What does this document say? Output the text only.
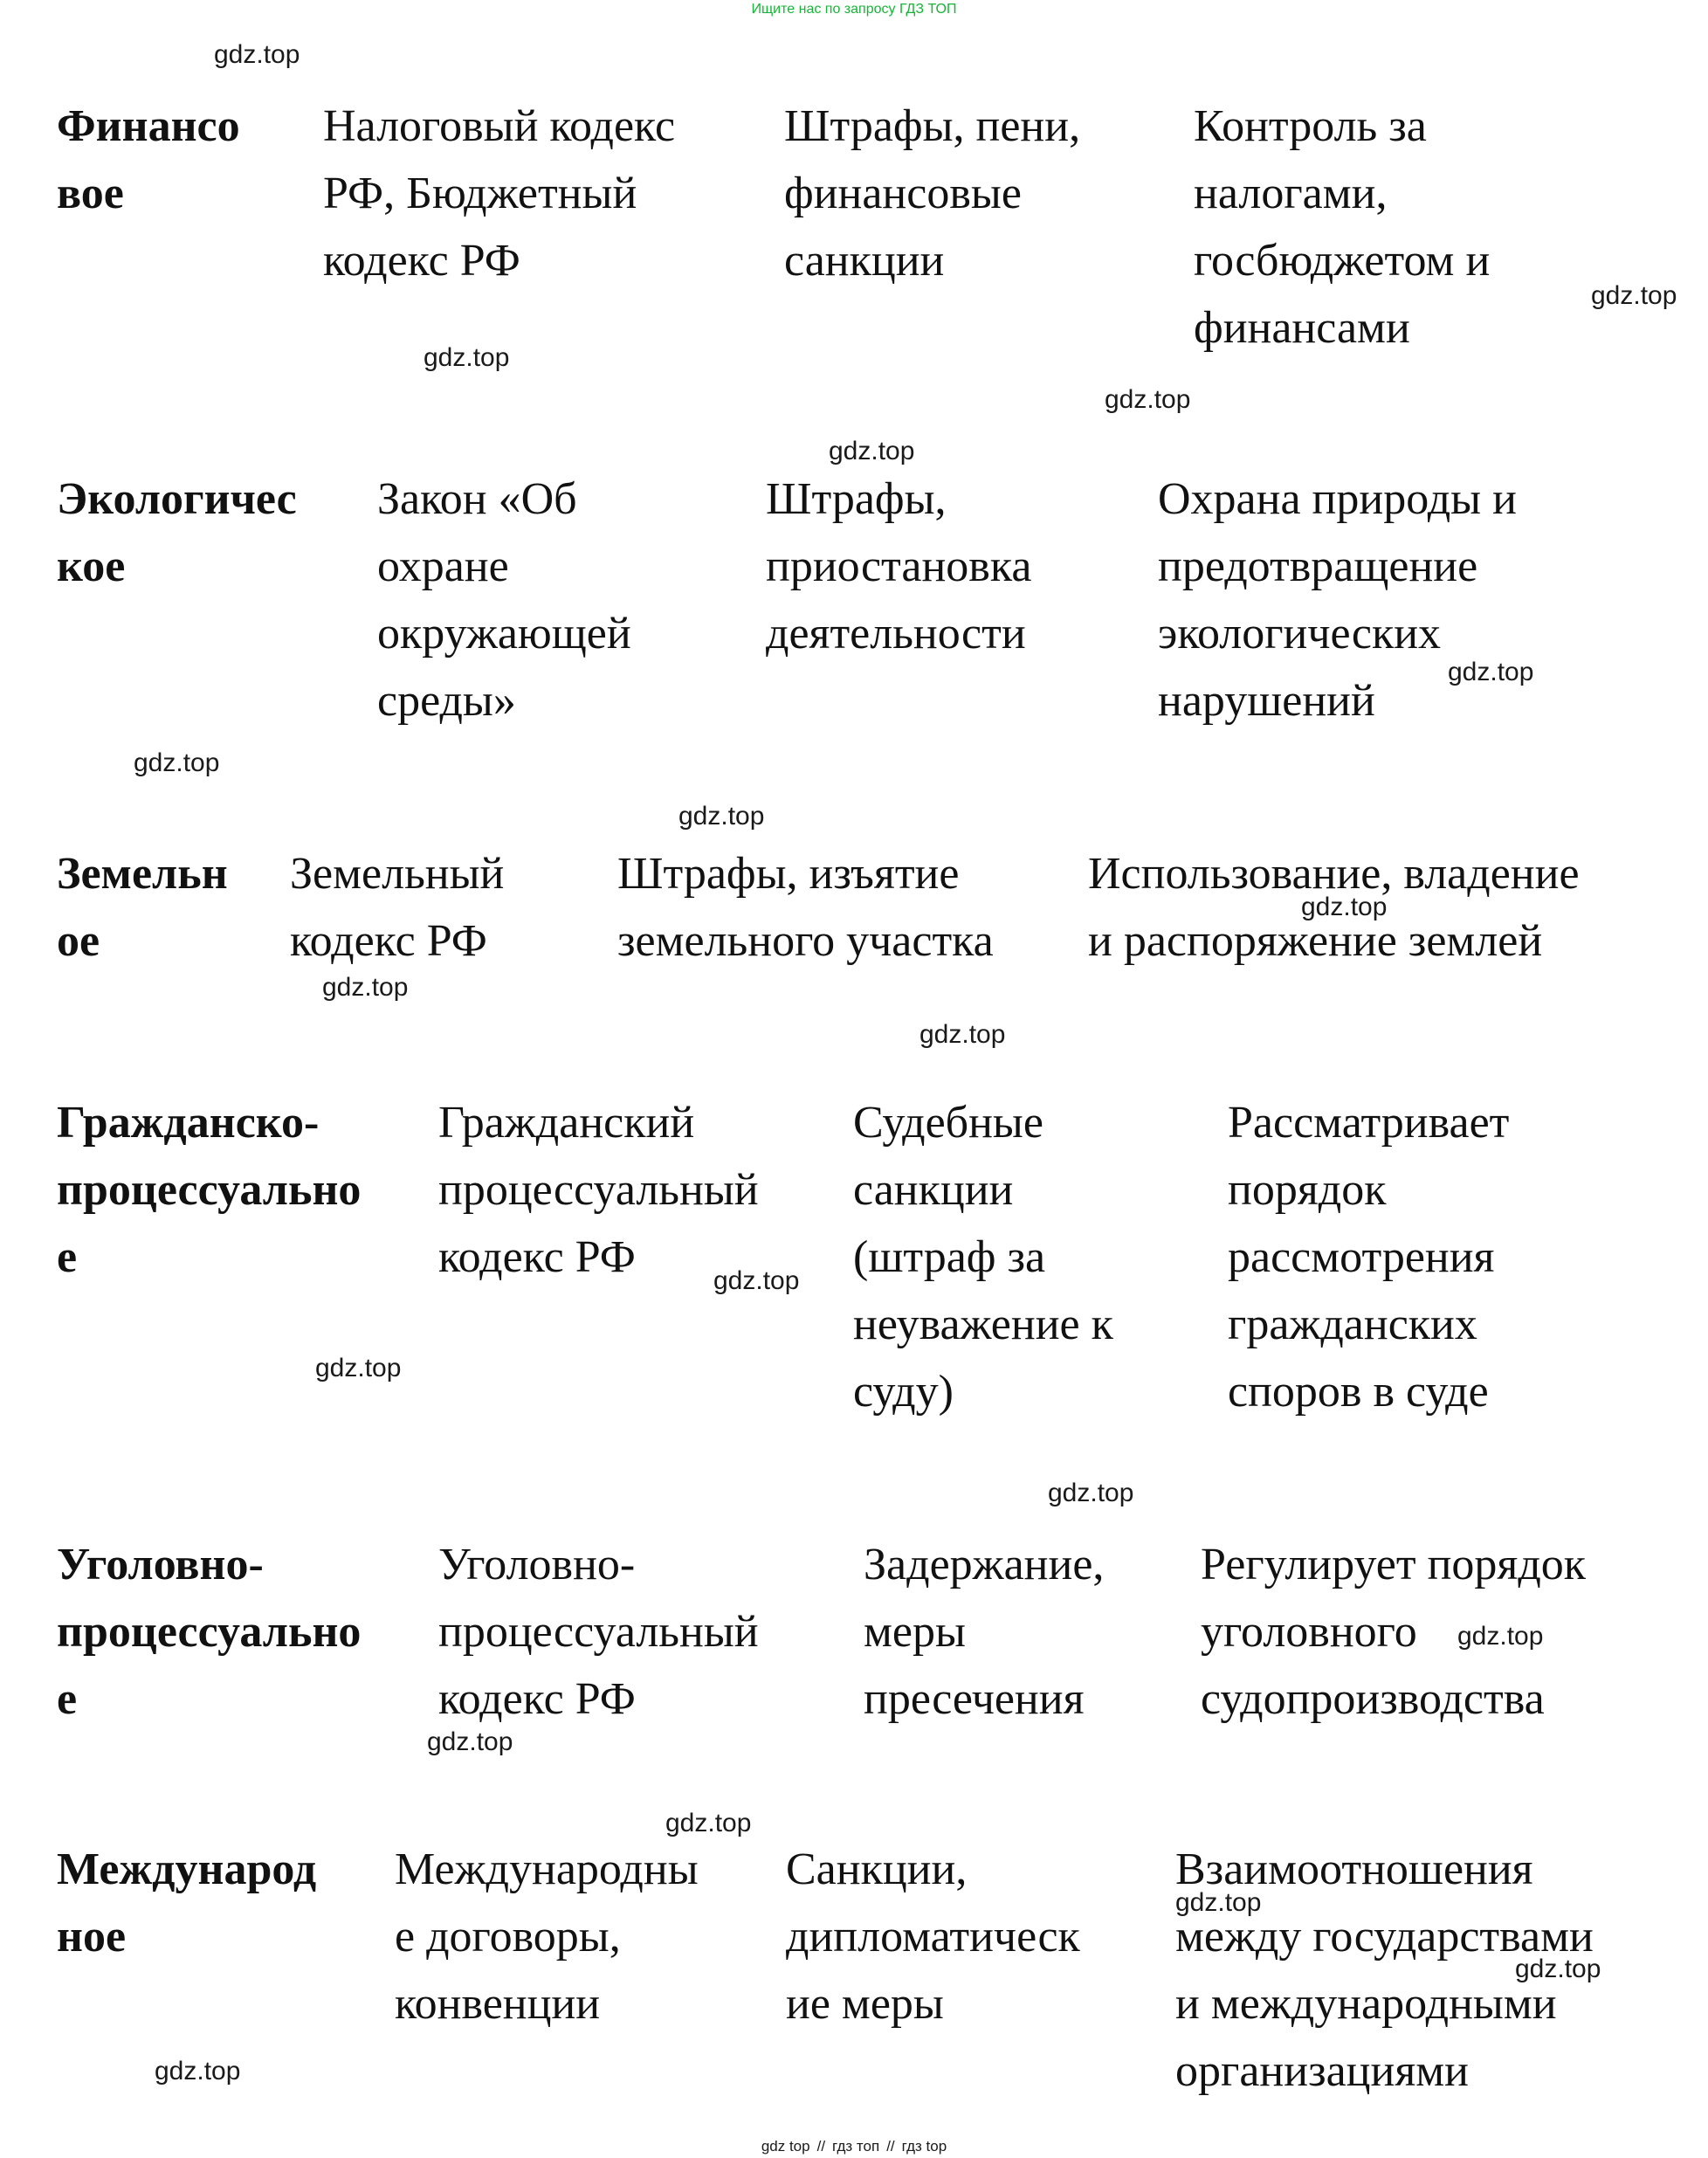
Ищите нас по запросу ГДЗ ТОП
Финансо
вое
Налоговый кодекс
РФ, Бюджетный
кодекс РФ
Штрафы, пени,
финансовые
санкции
Контроль за
налогами,
госбюджетом и
финансами
Экологичес
кое
Закон «Об
охране
окружающей
среды»
Штрафы,
приостановка
деятельности
Охрана природы и
предотвращение
экологических
нарушений
Земельн
ое
Земельный
кодекс РФ
Штрафы, изъятие
земельного участка
Использование, владение
и распоряжение землей
Гражданско-
процессуально
е
Гражданский
процессуальный
кодекс РФ
Судебные
санкции
(штраф за
неуважение к
суду)
Рассматривает
порядок
рассмотрения
гражданских
споров в суде
Уголовно-
процессуально
е
Уголовно-
процессуальный
кодекс РФ
Задержание,
меры
пресечения
Регулирует порядок
уголовного
судопроизводства
Международ
ное
Международны
е договоры,
конвенции
Санкции,
дипломатическ
ие меры
Взаимоотношения
между государствами
и международными
организациями
gdz.top
gdz.top
gdz.top
gdz.top
gdz.top
gdz.top
gdz.top
gdz.top
gdz.top
gdz.top
gdz.top
gdz.top
gdz.top
gdz.top
gdz.top
gdz.top
gdz.top
gdz.top
gdz.top
gdz.top
gdz top // гдз топ // гдз top
